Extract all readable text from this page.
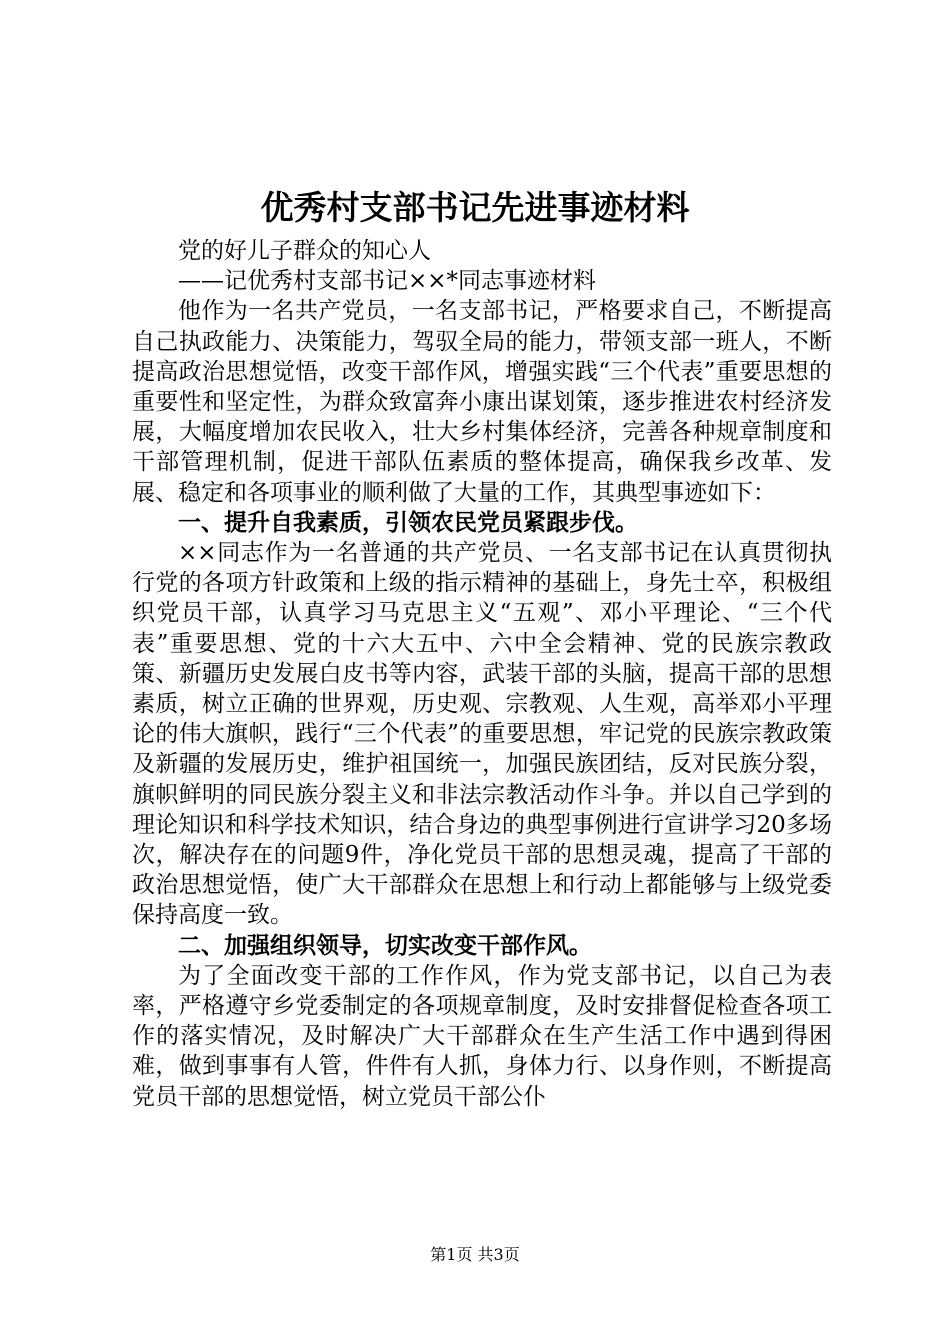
优秀村支部书记先进事迹材料

党的好儿子群众的知心人

——记优秀村支部书记××*同志事迹材料

他作为一名共产党员，一名支部书记，严格要求自己，不断提高自己执政能力、决策能力，驾驭全局的能力，带领支部一班人，不断提高政治思想觉悟，改变干部作风，增强实践“三个代表”重要思想的重要性和坚定性，为群众致富奔小康出谋划策，逐步推进农村经济发展，大幅度增加农民收入，壮大乡村集体经济，完善各种规章制度和干部管理机制，促进干部队伍素质的整体提高，确保我乡改革、发展、稳定和各项事业的顺利做了大量的工作，其典型事迹如下：

一、提升自我素质，引领农民党员紧跟步伐。

××同志作为一名普通的共产党员、一名支部书记在认真贯彻执行党的各项方针政策和上级的指示精神的基础上，身先士卒，积极组织党员干部，认真学习马克思主义“五观”、邓小平理论、“三个代表”重要思想、党的十六大五中、六中全会精神、党的民族宗教政策、新疆历史发展白皮书等内容，武装干部的头脑，提高干部的思想素质，树立正确的世界观，历史观、宗教观、人生观，高举邓小平理论的伟大旗帜，践行“三个代表”的重要思想，牢记党的民族宗教政策及新疆的发展历史，维护祖国统一，加强民族团结，反对民族分裂，旗帜鲜明的同民族分裂主义和非法宗教活动作斗争。并以自己学到的理论知识和科学技术知识，结合身边的典型事例进行宣讲学习20多场次，解决存在的问题9件，净化党员干部的思想灵魂，提高了干部的政治思想觉悟，使广大干部群众在思想上和行动上都能够与上级党委保持高度一致。

二、加强组织领导，切实改变干部作风。

为了全面改变干部的工作作风，作为党支部书记，以自己为表率，严格遵守乡党委制定的各项规章制度，及时安排督促检查各项工作的落实情况，及时解决广大干部群众在生产生活工作中遇到得困难，做到事事有人管，件件有人抓，身体力行、以身作则，不断提高党员干部的思想觉悟，树立党员干部公仆

第1页 共3页
